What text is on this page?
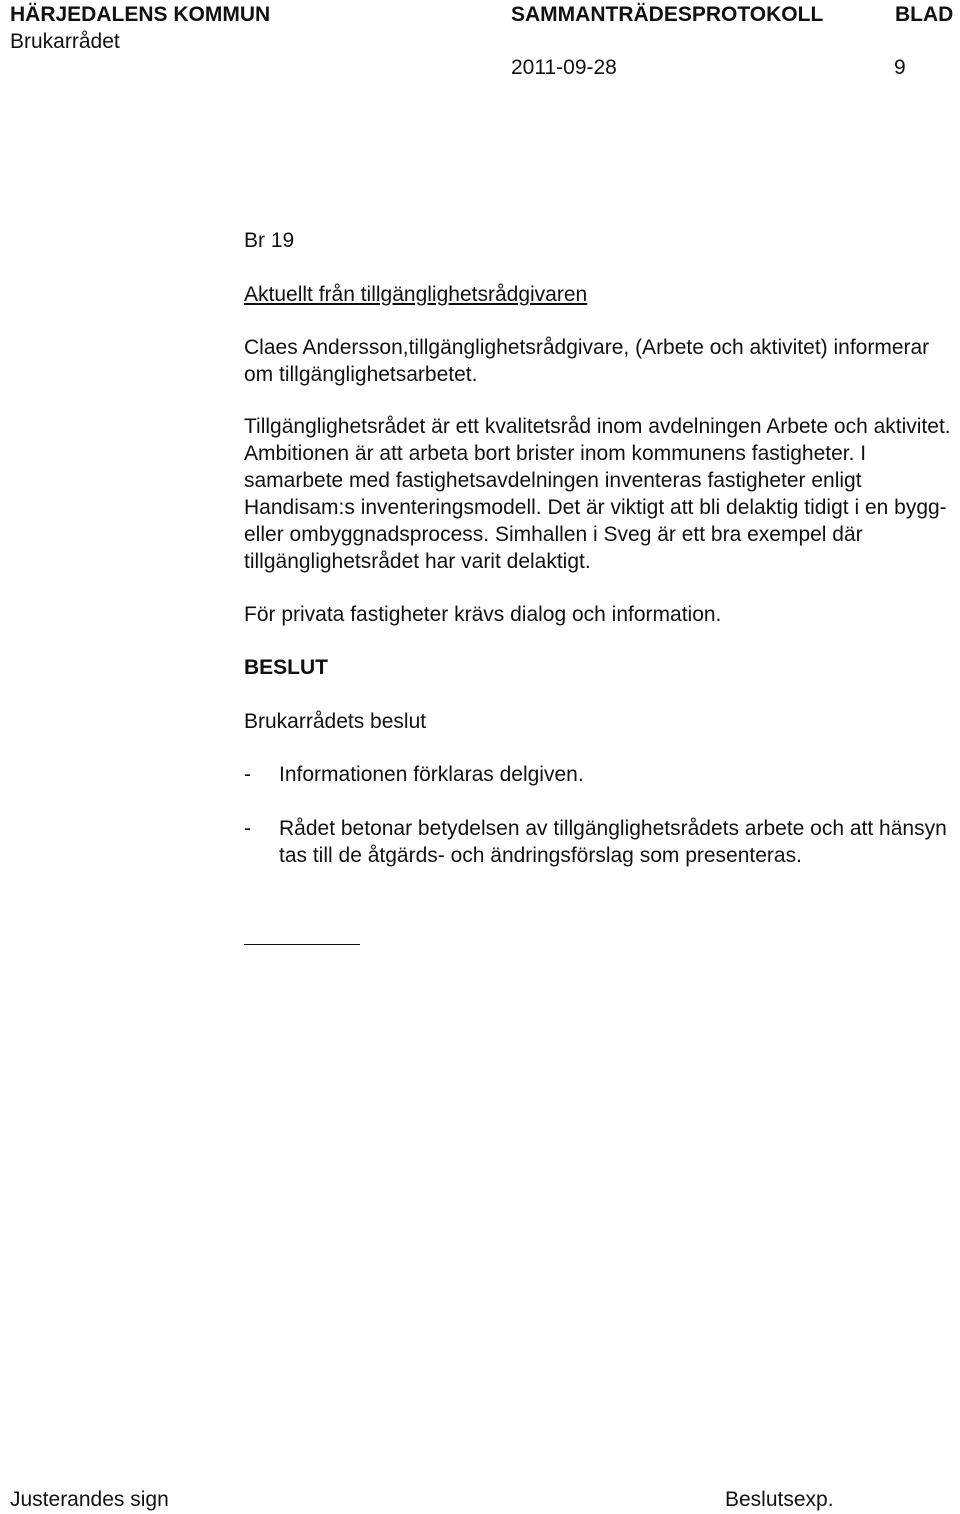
HÄRJEDALENS KOMMUN	SAMMANTRÄDESPROTOKOLL	BLAD
Brukarrådet
2011-09-28	9
Br 19
Aktuellt från tillgänglighetsrådgivaren
Claes Andersson,tillgänglighetsrådgivare, (Arbete och aktivitet) informerar om tillgänglighetsarbetet.
Tillgänglighetsrådet är ett kvalitetsråd inom avdelningen Arbete och aktivitet. Ambitionen är att arbeta bort brister inom kommunens fastigheter. I samarbete med fastighetsavdelningen inventeras fastigheter enligt Handisam:s inventeringsmodell. Det är viktigt att bli delaktig tidigt i en bygg- eller ombyggnadsprocess. Simhallen i Sveg är ett bra exempel där tillgänglighetsrådet har varit delaktigt.
För privata fastigheter krävs dialog och information.
BESLUT
Brukarrådets beslut
- Informationen förklaras delgiven.
- Rådet betonar betydelsen av tillgänglighetsrådets arbete och att hänsyn tas till de åtgärds- och ändringsförslag som presenteras.
Justerandes sign	Beslutsexp.
